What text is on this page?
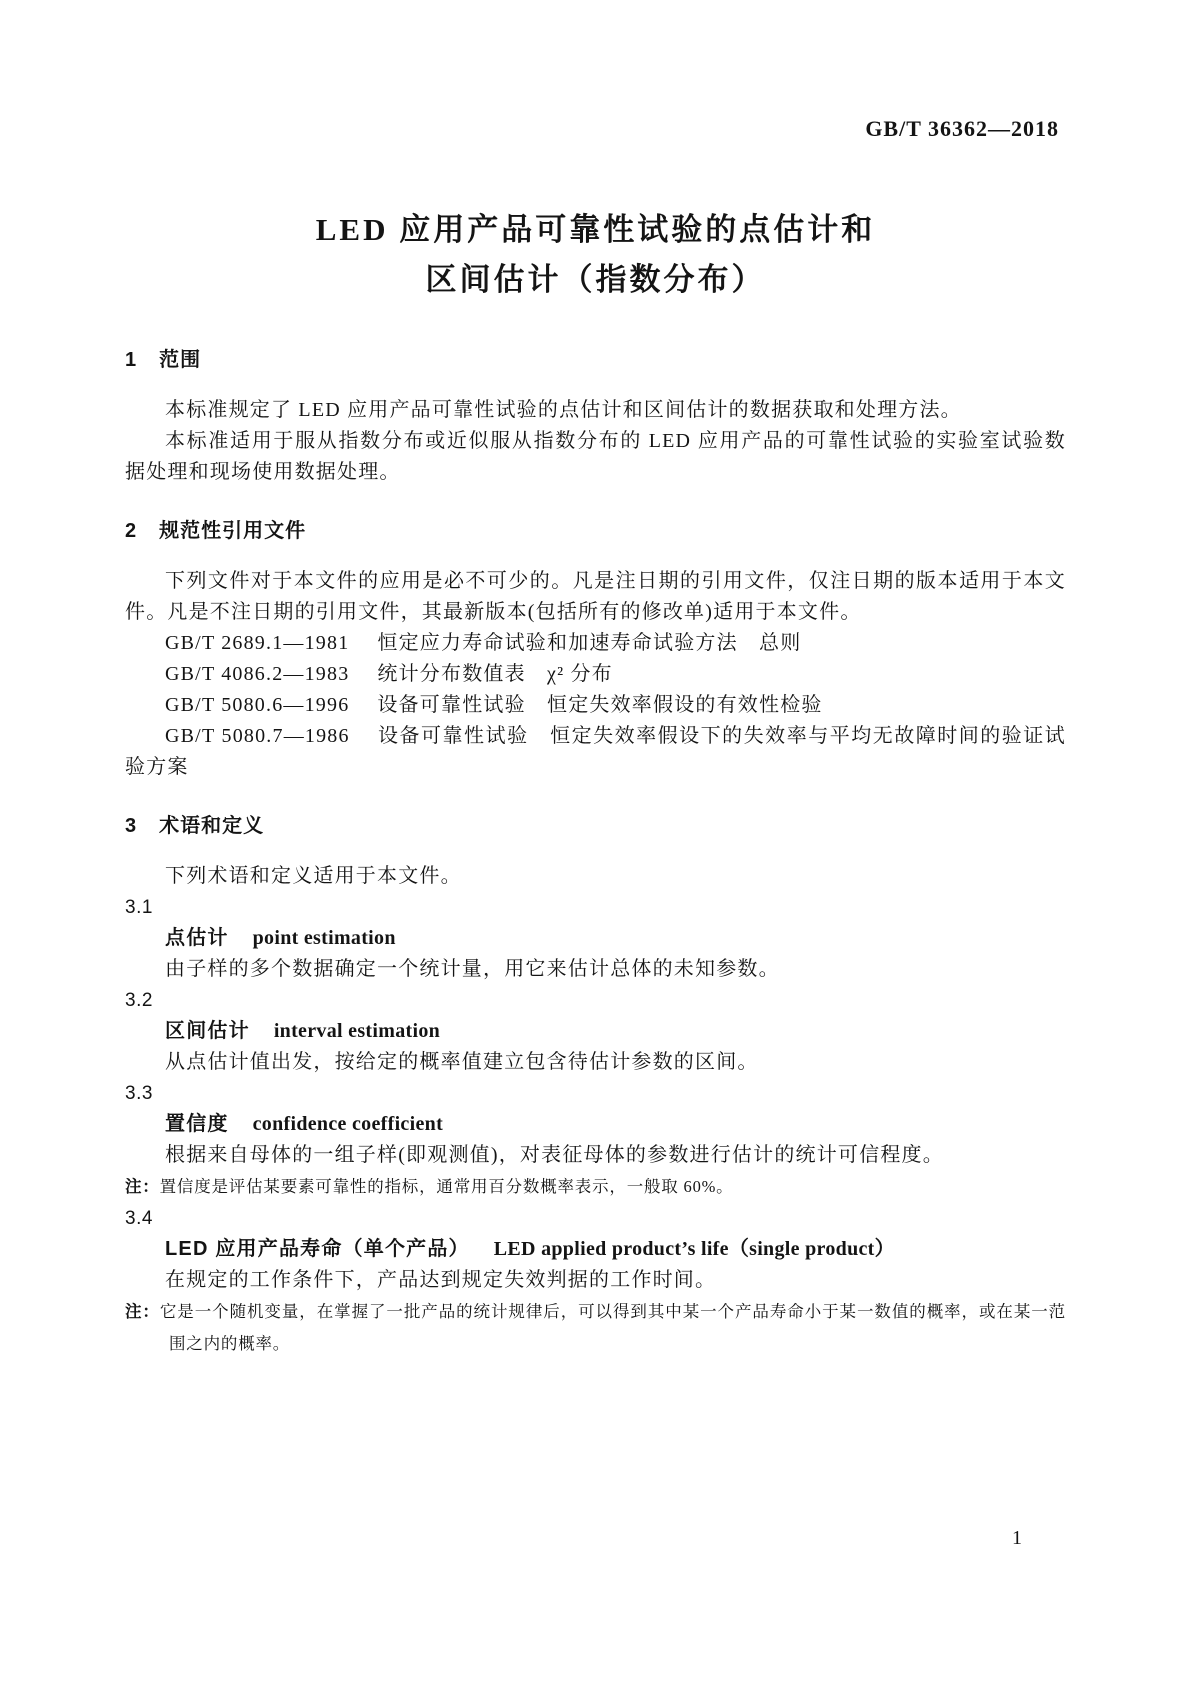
GB/T 36362—2018
LED 应用产品可靠性试验的点估计和
区间估计（指数分布）
1 范围

本标准规定了 LED 应用产品可靠性试验的点估计和区间估计的数据获取和处理方法。

本标准适用于服从指数分布或近似服从指数分布的 LED 应用产品的可靠性试验的实验室试验数据处理和现场使用数据处理。

2 规范性引用文件

下列文件对于本文件的应用是必不可少的。凡是注日期的引用文件，仅注日期的版本适用于本文件。凡是不注日期的引用文件，其最新版本(包括所有的修改单)适用于本文件。

GB/T 2689.1—1981 恒定应力寿命试验和加速寿命试验方法　总则

GB/T 4086.2—1983 统计分布数值表　χ² 分布

GB/T 5080.6—1996 设备可靠性试验　恒定失效率假设的有效性检验

GB/T 5080.7—1986 设备可靠性试验　恒定失效率假设下的失效率与平均无故障时间的验证试验方案

3 术语和定义

下列术语和定义适用于本文件。

3.1

点估计 point estimation

由子样的多个数据确定一个统计量，用它来估计总体的未知参数。

3.2

区间估计 interval estimation

从点估计值出发，按给定的概率值建立包含待估计参数的区间。

3.3

置信度 confidence coefficient

根据来自母体的一组子样(即观测值)，对表征母体的参数进行估计的统计可信程度。

注：置信度是评估某要素可靠性的指标，通常用百分数概率表示，一般取 60%。

3.4

LED 应用产品寿命（单个产品） LED applied product’s life（single product）

在规定的工作条件下，产品达到规定失效判据的工作时间。

注：它是一个随机变量，在掌握了一批产品的统计规律后，可以得到其中某一个产品寿命小于某一数值的概率，或在某一范围之内的概率。

1
